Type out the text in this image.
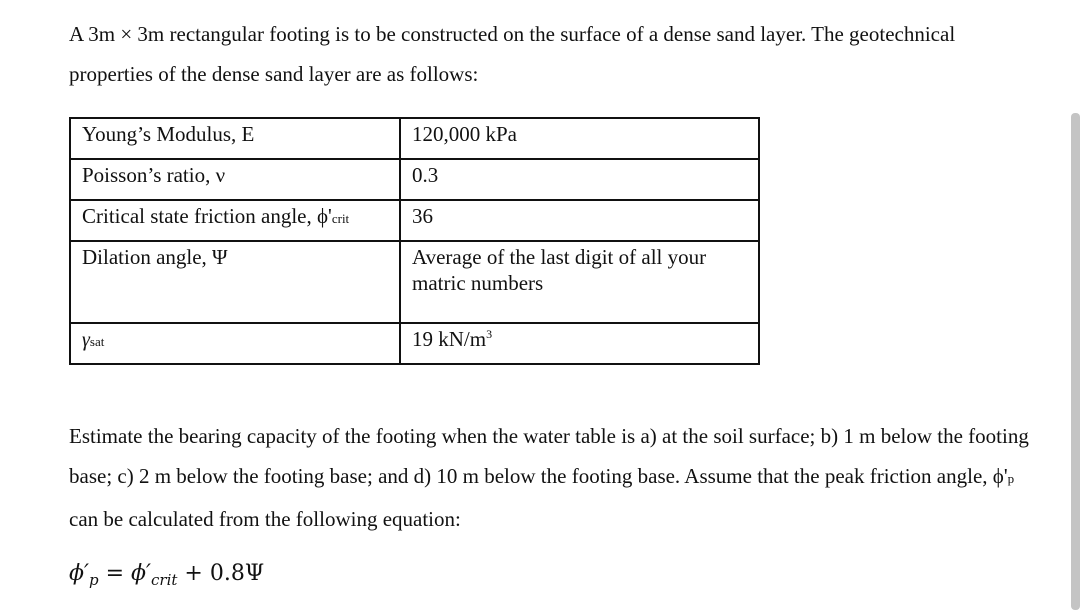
A 3m × 3m rectangular footing is to be constructed on the surface of a dense sand layer. The geotechnical properties of the dense sand layer are as follows:

Young’s Modulus, E	120,000 kPa
Poisson’s ratio, ν	0.3
Critical state friction angle, ϕ'crit	36
Dilation angle, Ψ	Average of the last digit of all your matric numbers
γsat	19 $kN/m^3$

Estimate the bearing capacity of the footing when the water table is a) at the soil surface; b) 1 m below the footing base; c) 2 m below the footing base; and d) 10 m below the footing base. Assume that the peak friction angle, ϕ'p can be calculated from the following equation:

$\phi'_p = \phi'_{crit} + 0.8\Psi$
